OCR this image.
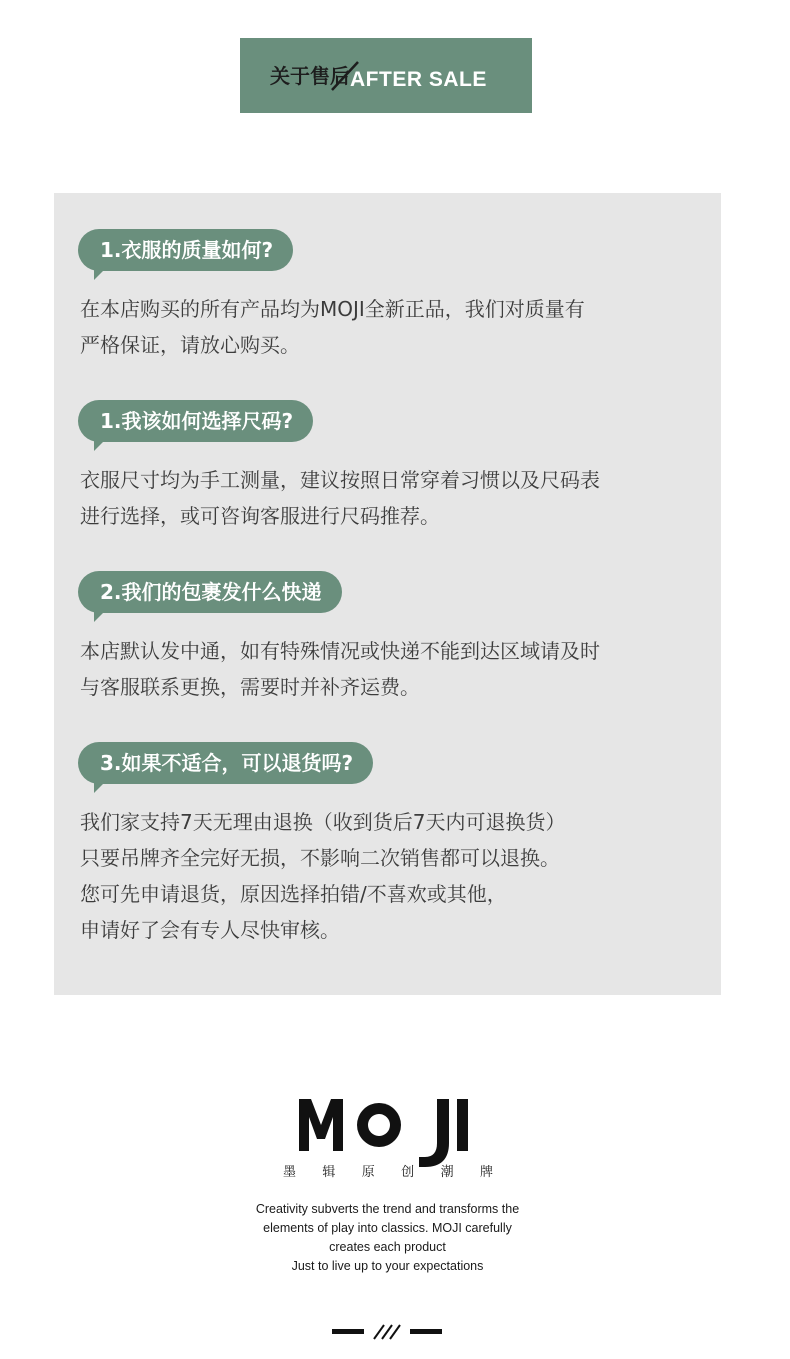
关于售后 AFTER SALE
1.衣服的质量如何?
在本店购买的所有产品均为MOJI全新正品，我们对质量有
严格保证，请放心购买。
1.我该如何选择尺码?
衣服尺寸均为手工测量，建议按照日常穿着习惯以及尺码表
进行选择，或可咨询客服进行尺码推荐。
2.我们的包裹发什么快递
本店默认发中通，如有特殊情况或快递不能到达区域请及时
与客服联系更换，需要时并补齐运费。
3.如果不适合，可以退货吗?
我们家支持7天无理由退换（收到货后7天内可退换货）
只要吊牌齐全完好无损，不影响二次销售都可以退换。
您可先申请退货，原因选择拍错/不喜欢或其他，
申请好了会有专人尽快审核。
墨 辑 原 创 潮 牌
Creativity subverts the trend and transforms the
elements of play into classics. MOJI carefully
creates each product
Just to live up to your expectations
